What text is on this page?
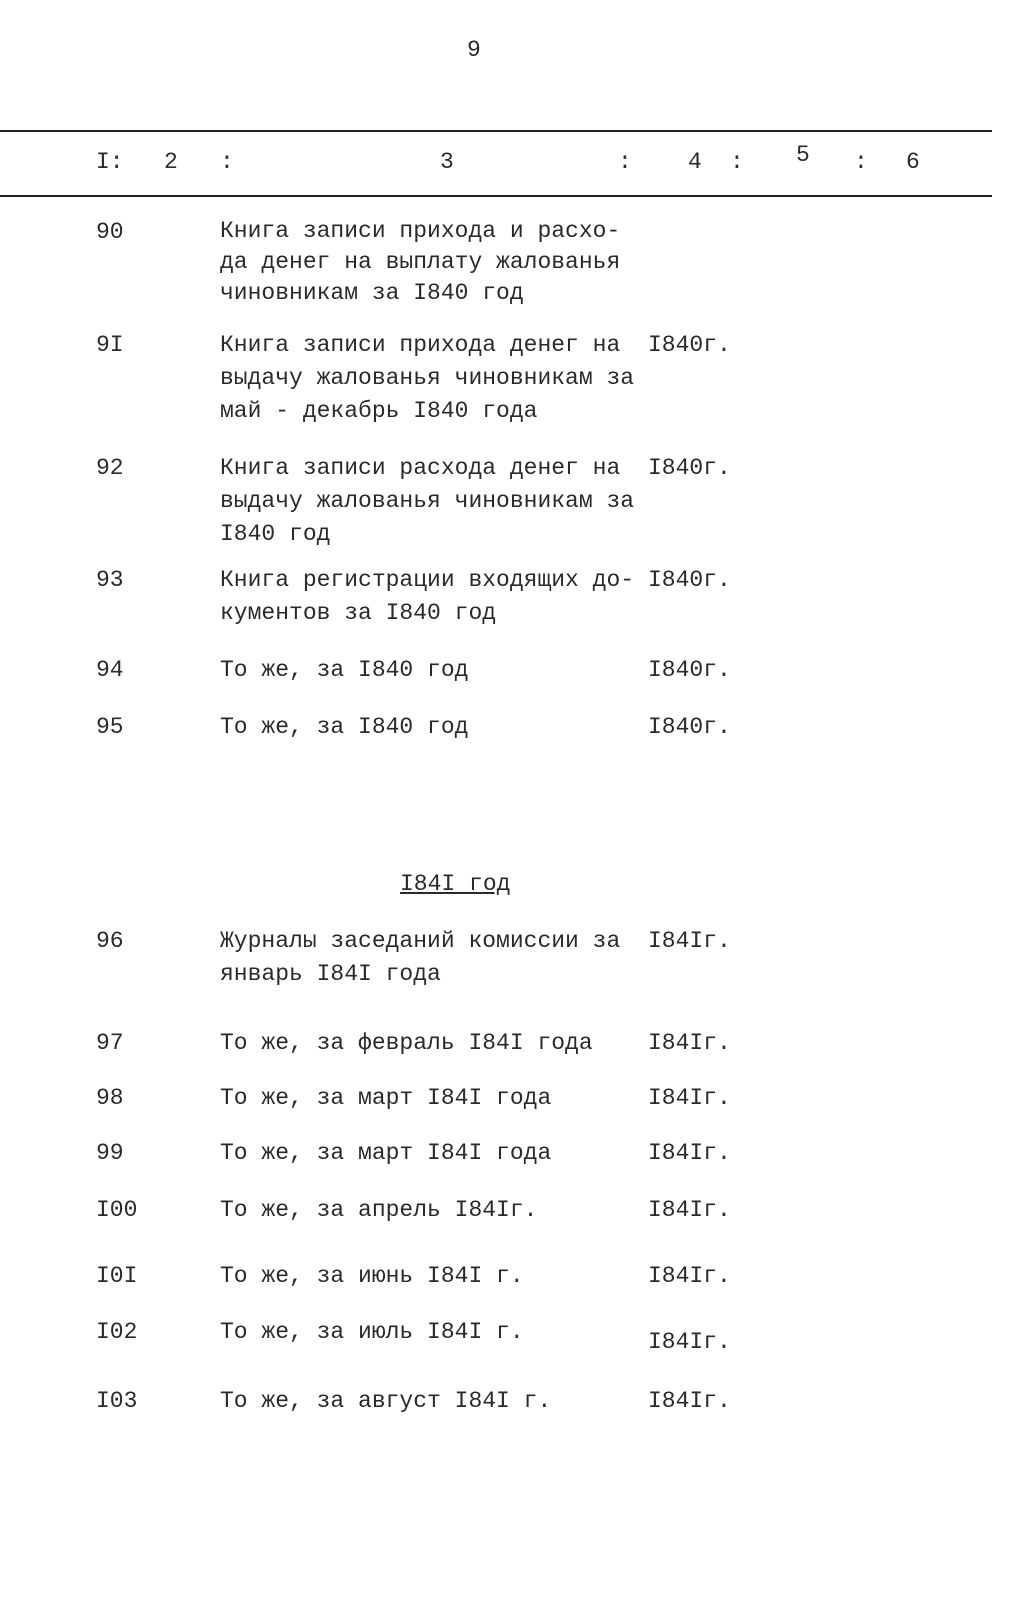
9
I: 2 :	3	: 4 : 5 : 6
I84I год
90	Книга записи прихода и расхо-
да денег на выплату жалованья
чиновникам за I840 год
9I	Книга записи прихода денег на
выдачу жалованья чиновникам за
май - декабрь I840 года
I840г.
92	Книга записи расхода денег на
выдачу жалованья чиновникам за
I840 год
I840г.
93	Книга регистрации входящих до-
кументов за I840 год
I840г.
94	То же, за I840 год	I840г.
95	То же, за I840 год	I840г.
96	Журналы заседаний комиссии за
январь I84I года
I84Iг.
97	То же, за февраль I84I года I84Iг.
98	То же, за март I84I года	I84Iг.
99	То же, за март I84I года	I84Iг.
I00	То же, за апрель I84Iг.	I84Iг.
I0I	То же, за июнь I84I г.	I84Iг.
I02	То же, за июль I84I г.	I84Iг.
I03	То же, за август I84I г.	I84Iг.
